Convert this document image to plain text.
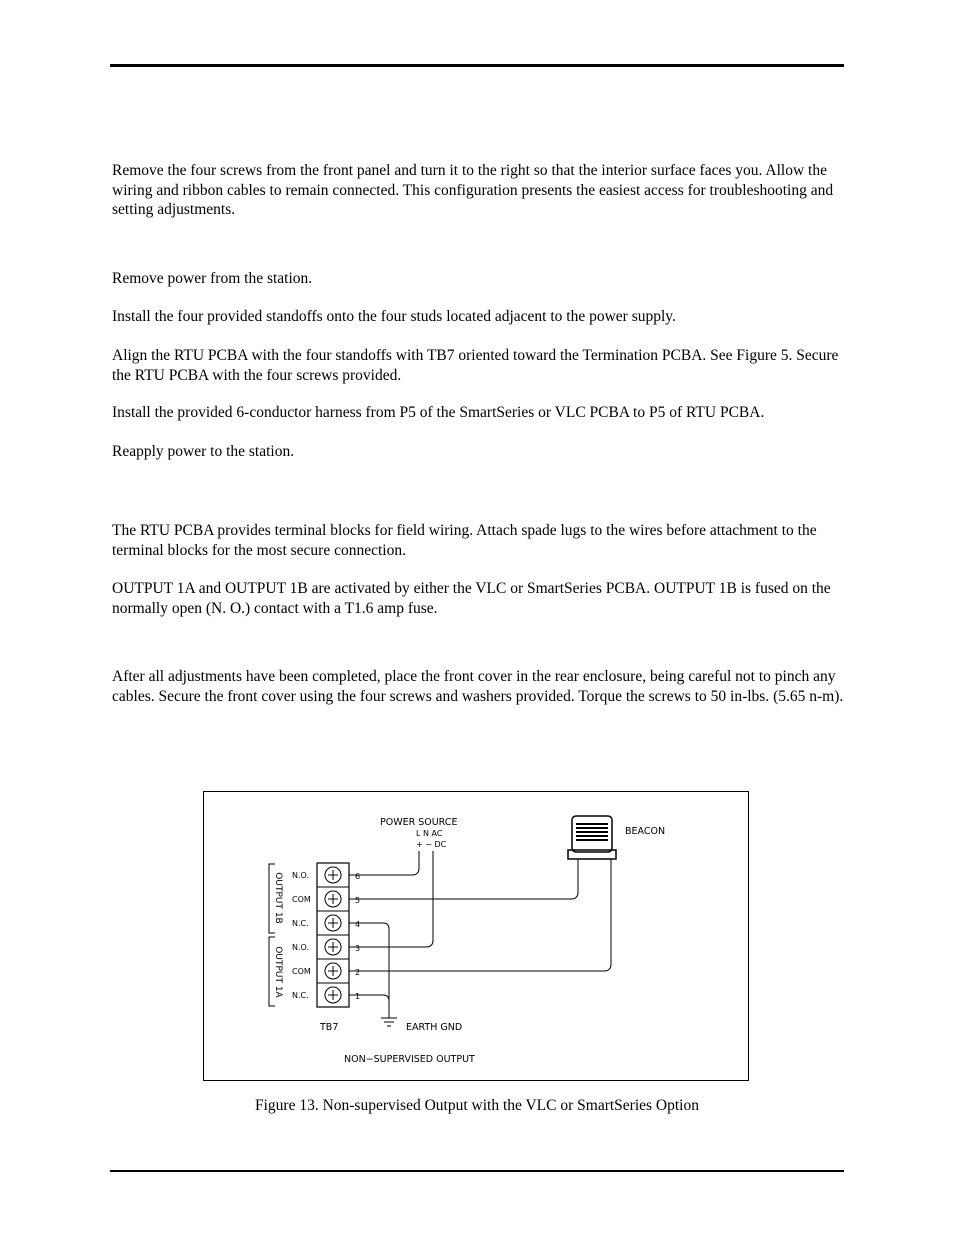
Remove the four screws from the front panel and turn it to the right so that the interior surface faces you. Allow the wiring and ribbon cables to remain connected. This configuration presents the easiest access for troubleshooting and setting adjustments.

Remove power from the station.

Install the four provided standoffs onto the four studs located adjacent to the power supply.

Align the RTU PCBA with the four standoffs with TB7 oriented toward the Termination PCBA. See Figure 5. Secure the RTU PCBA with the four screws provided.

Install the provided 6-conductor harness from P5 of the SmartSeries or VLC PCBA to P5 of RTU PCBA.

Reapply power to the station.

The RTU PCBA provides terminal blocks for field wiring. Attach spade lugs to the wires before attachment to the terminal blocks for the most secure connection.

OUTPUT 1A and OUTPUT 1B are activated by either the VLC or SmartSeries PCBA. OUTPUT 1B is fused on the normally open (N. O.) contact with a T1.6 amp fuse.

After all adjustments have been completed, place the front cover in the rear enclosure, being careful not to pinch any cables. Secure the front cover using the four screws and washers provided. Torque the screws to 50 in-lbs. (5.65 n-m).

POWER SOURCE
L N AC
+ − DC
BEACON
OUTPUT 1B
OUTPUT 1A
N.O.
COM
N.C.
N.O.
COM
N.C.
6
5
4
3
2
1
TB7	EARTH GND
NON−SUPERVISED OUTPUT
Figure 13. Non-supervised Output with the VLC or SmartSeries Option
